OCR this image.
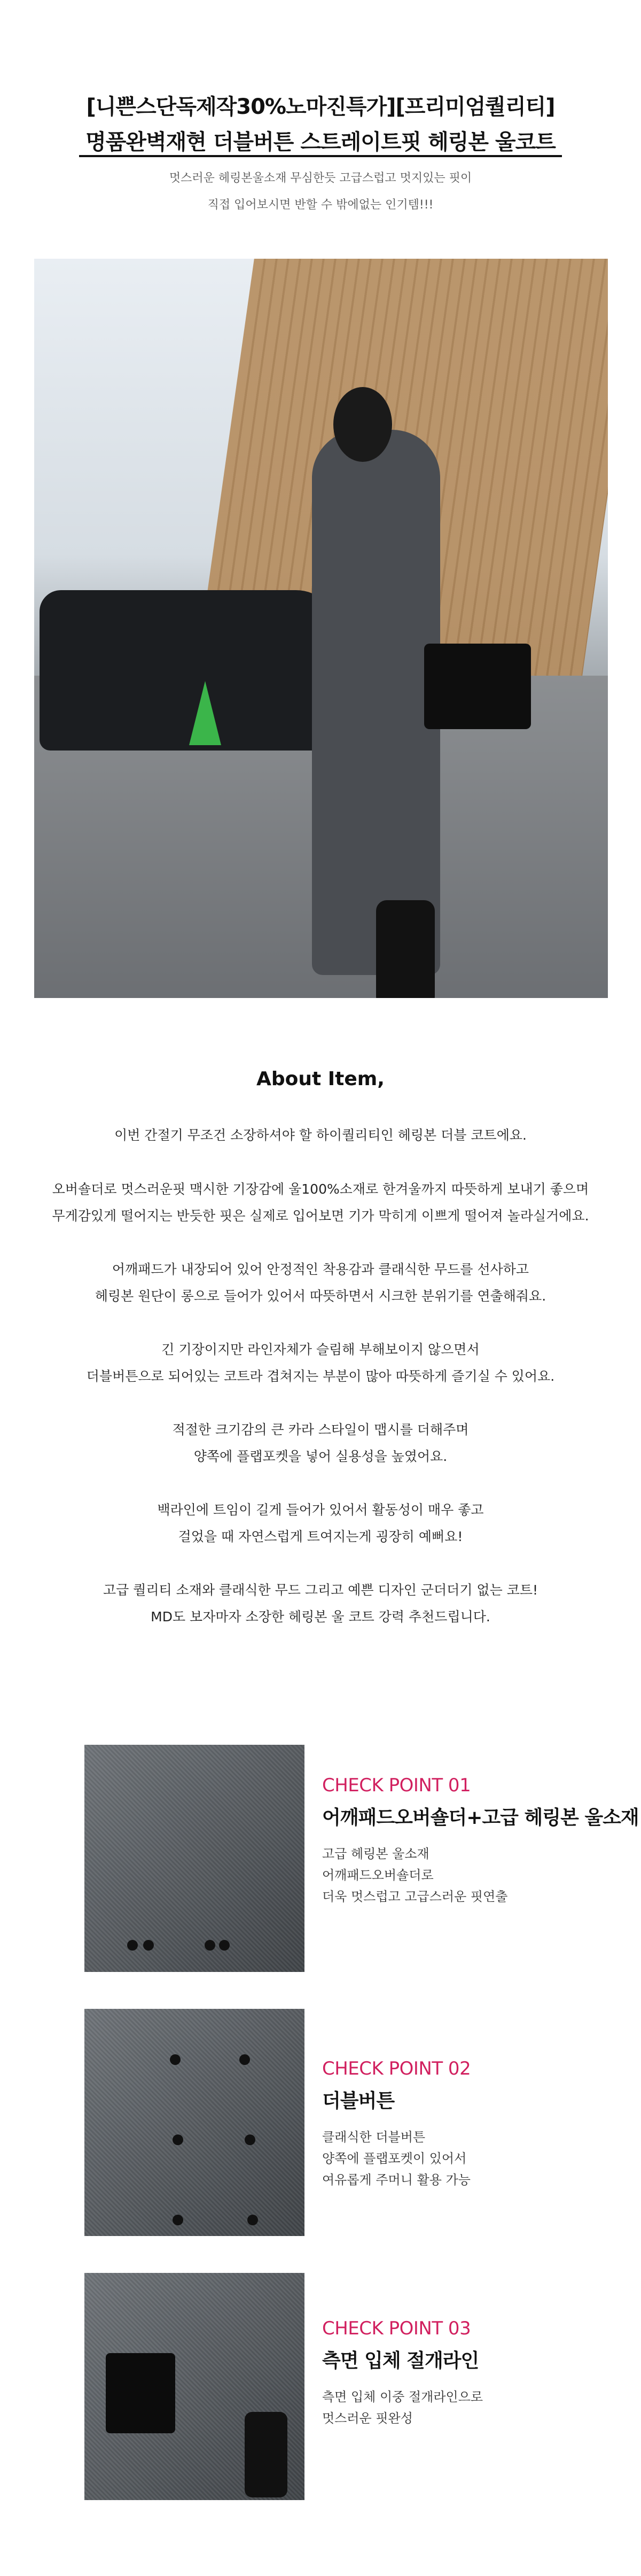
[니쁜스단독제작30%노마진특가][프리미엄퀄리티]
명품완벽재현 더블버튼 스트레이트핏 헤링본 울코트
멋스러운 헤링본울소재 무심한듯 고급스럽고 멋지있는 핏이
직접 입어보시면 반할 수 밖에없는 인기템!!!
About Item,
이번 간절기 무조건 소장하셔야 할 하이퀄리티인 헤링본 더블 코트에요.
오버숄더로 멋스러운핏 맥시한 기장감에 울100%소재로 한겨울까지 따뜻하게 보내기 좋으며
무게감있게 떨어지는 반듯한 핏은 실제로 입어보면 기가 막히게 이쁘게 떨어져 놀라실거에요.
어깨패드가 내장되어 있어 안정적인 착용감과 클래식한 무드를 선사하고
헤링본 원단이 롱으로 들어가 있어서 따뜻하면서 시크한 분위기를 연출해줘요.
긴 기장이지만 라인자체가 슬림해 부해보이지 않으면서
더블버튼으로 되어있는 코트라 겹쳐지는 부분이 많아 따뜻하게 즐기실 수 있어요.
적절한 크기감의 큰 카라 스타일이 맵시를 더해주며
양쪽에 플랩포켓을 넣어 실용성을 높였어요.
백라인에 트임이 길게 들어가 있어서 활동성이 매우 좋고
걸었을 때 자연스럽게 트여지는게 굉장히 예뻐요!
고급 퀄리티 소재와 클래식한 무드 그리고 예쁜 디자인 군더더기 없는 코트!
MD도 보자마자 소장한 헤링본 울 코트 강력 추천드립니다.
CHECK POINT 01
어깨패드오버숄더+고급 헤링본 울소재
고급 헤링본 울소재
어깨패드오버숄더로
더욱 멋스럽고 고급스러운 핏연출
CHECK POINT 02
더블버튼
클래식한 더블버튼
양쪽에 플랩포켓이 있어서
여유롭게 주머니 활용 가능
CHECK POINT 03
측면 입체 절개라인
측면 입체 이중 절개라인으로
멋스러운 핏완성
